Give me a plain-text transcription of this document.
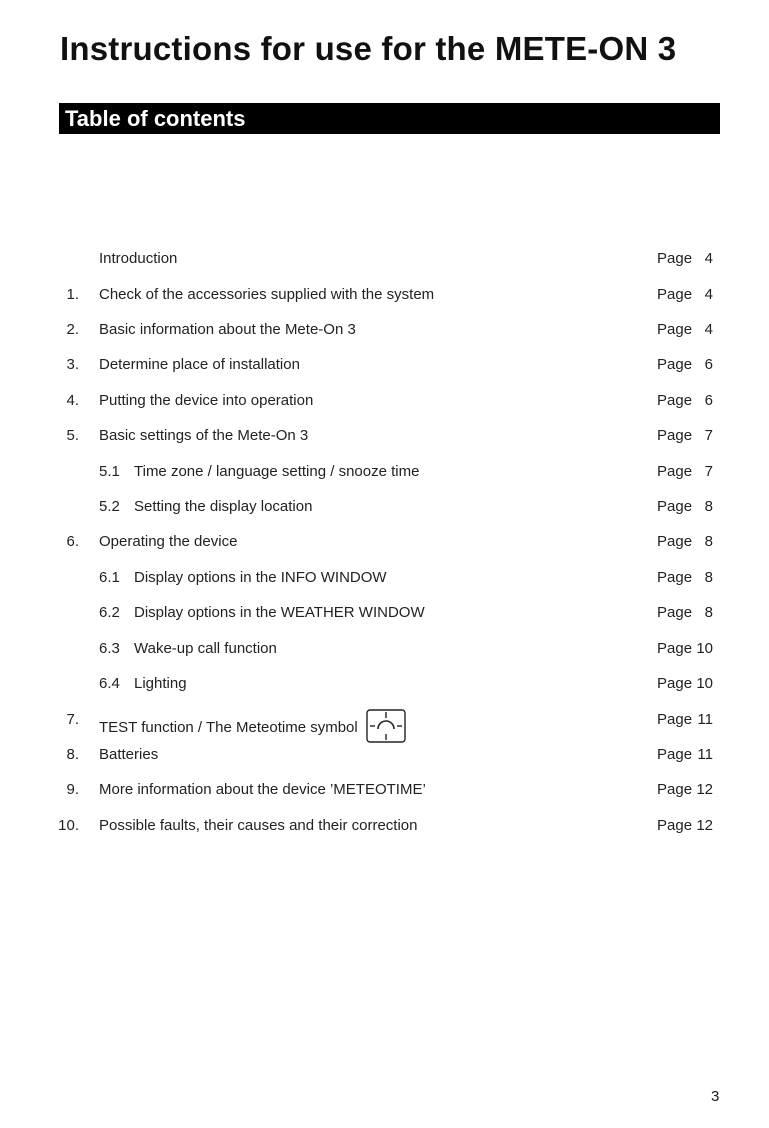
Instructions for use for the METE-ON 3
Table of contents
Introduction	Page 4
1. Check of the accessories supplied with the system	Page 4
2. Basic information about the Mete-On 3	Page 4
3. Determine place of installation	Page 6
4. Putting the device into operation	Page 6
5. Basic settings of the Mete-On 3	Page 7
5.1 Time zone / language setting / snooze time	Page 7
5.2 Setting the display location	Page 8
6. Operating the device	Page 8
6.1 Display options in the INFO WINDOW	Page 8
6.2 Display options in the WEATHER WINDOW	Page 8
6.3 Wake-up call function	Page 10
6.4 Lighting	Page 10
7. TEST function / The Meteotime symbol	Page 11
8. Batteries	Page 11
9. More information about the device ’METEOTIME’	Page 12
10. Possible faults, their causes and their correction	Page 12
3
